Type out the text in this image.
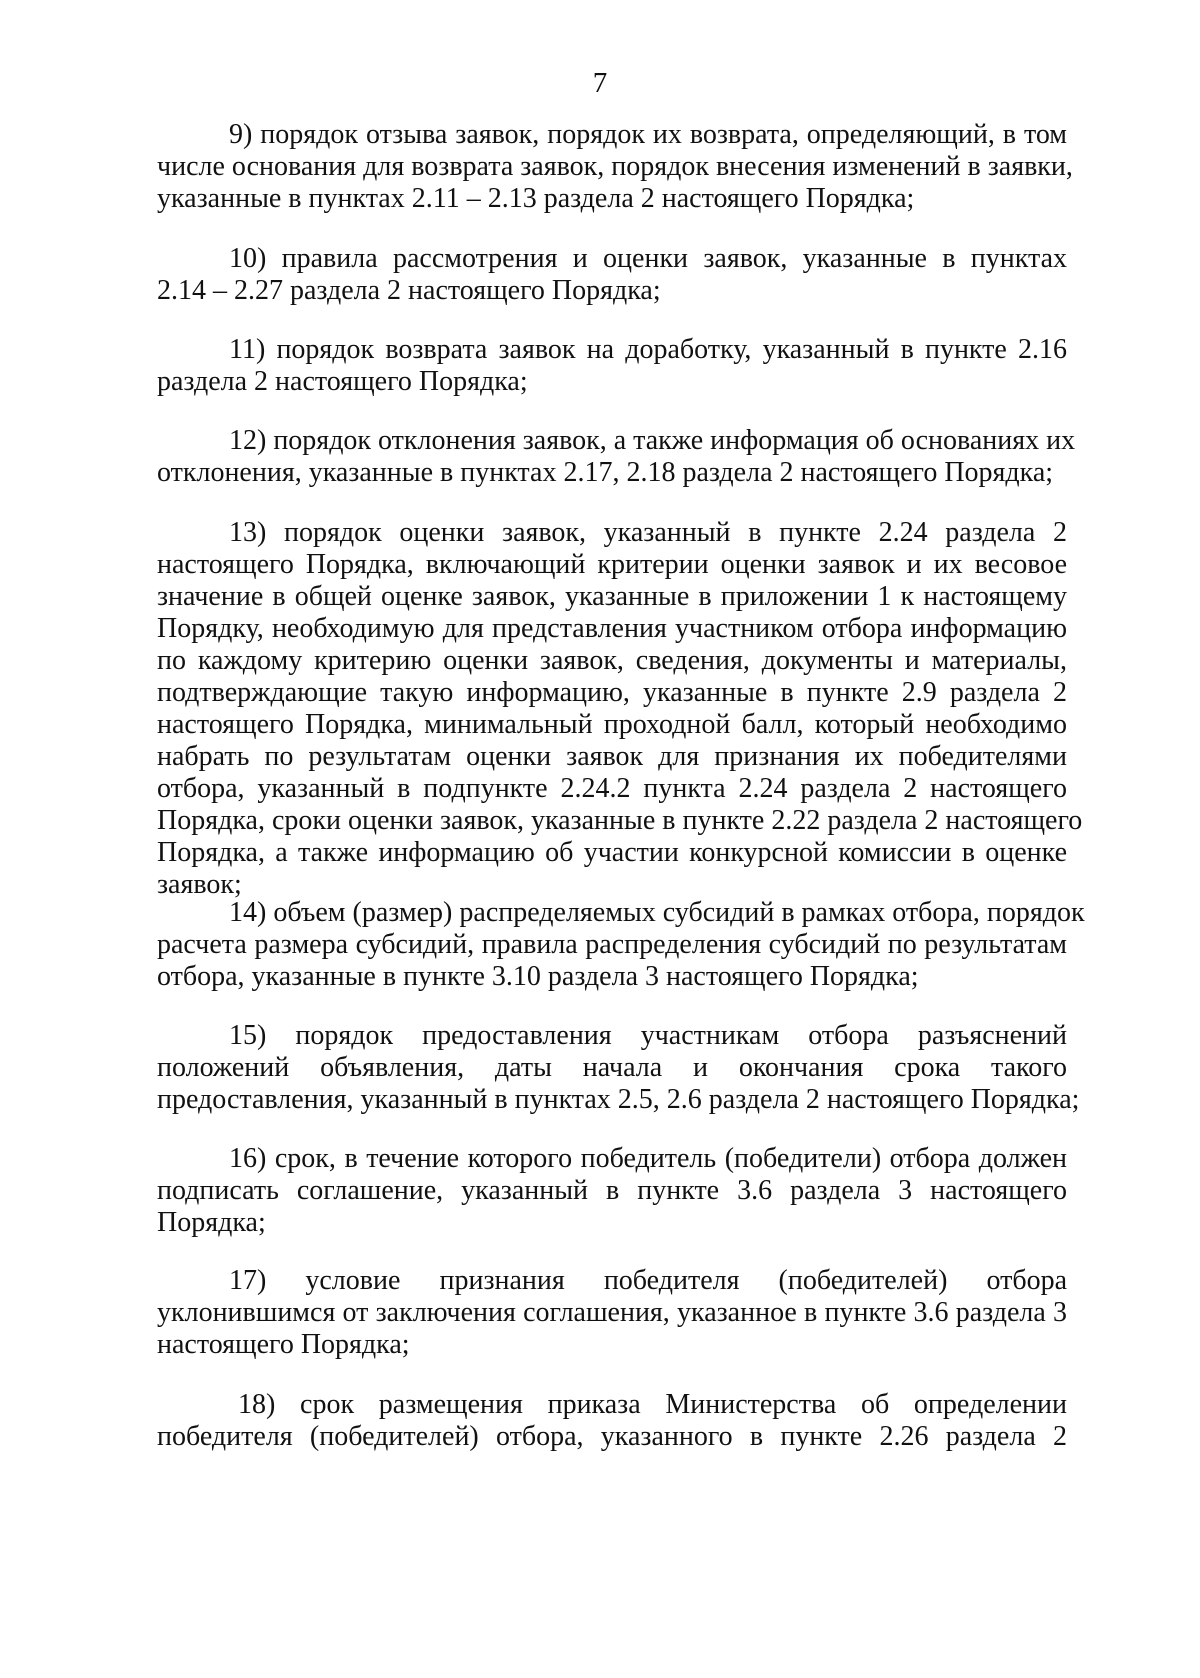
7
9) порядок отзыва заявок, порядок их возврата, определяющий, в том
числе основания для возврата заявок, порядок внесения изменений в заявки,
указанные в пунктах 2.11 – 2.13 раздела 2 настоящего Порядка;
10) правила рассмотрения и оценки заявок, указанные в пунктах
2.14 – 2.27 раздела 2 настоящего Порядка;
11) порядок возврата заявок на доработку, указанный в пункте 2.16
раздела 2 настоящего Порядка;
12) порядок отклонения заявок, а также информация об основаниях их
отклонения, указанные в пунктах 2.17, 2.18 раздела 2 настоящего Порядка;
13) порядок оценки заявок, указанный в пункте 2.24 раздела 2
настоящего Порядка, включающий критерии оценки заявок и их весовое
значение в общей оценке заявок, указанные в приложении 1 к настоящему
Порядку, необходимую для представления участником отбора информацию
по каждому критерию оценки заявок, сведения, документы и материалы,
подтверждающие такую информацию, указанные в пункте 2.9 раздела 2
настоящего Порядка, минимальный проходной балл, который необходимо
набрать по результатам оценки заявок для признания их победителями
отбора, указанный в подпункте 2.24.2 пункта 2.24 раздела 2 настоящего
Порядка, сроки оценки заявок, указанные в пункте 2.22 раздела 2 настоящего
Порядка, а также информацию об участии конкурсной комиссии в оценке
заявок;
14) объем (размер) распределяемых субсидий в рамках отбора, порядок
расчета размера субсидий, правила распределения субсидий по результатам
отбора, указанные в пункте 3.10 раздела 3 настоящего Порядка;
15) порядок предоставления участникам отбора разъяснений
положений объявления, даты начала и окончания срока такого
предоставления, указанный в пунктах 2.5, 2.6 раздела 2 настоящего Порядка;
16) срок, в течение которого победитель (победители) отбора должен
подписать соглашение, указанный в пункте 3.6 раздела 3 настоящего
Порядка;
17) условие признания победителя (победителей) отбора
уклонившимся от заключения соглашения, указанное в пункте 3.6 раздела 3
настоящего Порядка;
18) срок размещения приказа Министерства об определении
победителя (победителей) отбора, указанного в пункте 2.26 раздела 2
